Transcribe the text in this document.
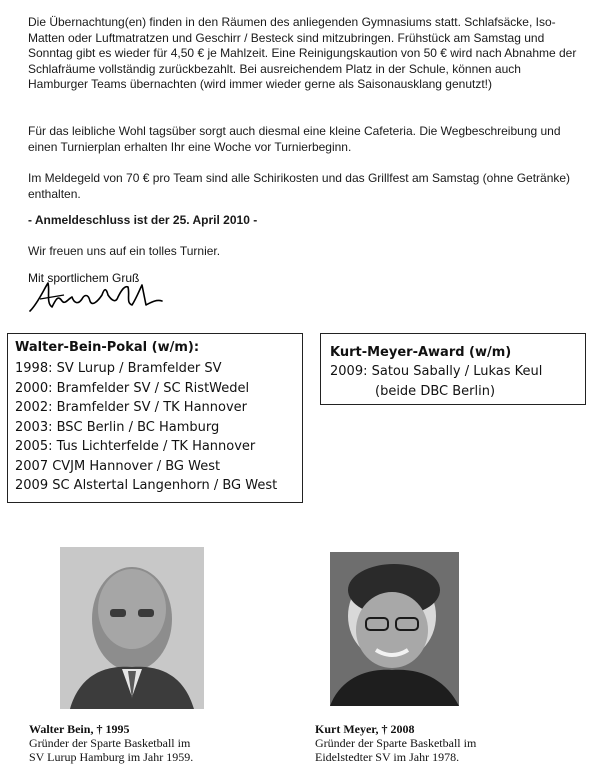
Die Übernachtung(en) finden in den Räumen des anliegenden Gymnasiums statt. Schlafsäcke, Iso-Matten oder Luftmatratzen und Geschirr / Besteck sind mitzubringen. Frühstück am Samstag und Sonntag gibt es wieder für 4,50 € je Mahlzeit. Eine Reinigungskaution von 50 € wird nach Abnahme der Schlafräume vollständig zurückbezahlt. Bei ausreichendem Platz in der Schule, können auch Hamburger Teams übernachten (wird immer wieder gerne als Saisonausklang genutzt!)

Für das leibliche Wohl tagsüber sorgt auch diesmal eine kleine Cafeteria. Die Wegbeschreibung und einen Turnierplan erhalten Ihr eine Woche vor Turnierbeginn.

Im Meldegeld von 70 € pro Team sind alle Schirikosten und das Grillfest am Samstag (ohne Getränke) enthalten.

- Anmeldeschluss ist der 25. April 2010 -

Wir freuen uns auf ein tolles Turnier.

Mit sportlichem Gruß
Walter-Bein-Pokal (w/m):
1998: SV Lurup / Bramfelder SV
2000: Bramfelder SV / SC RistWedel
2002: Bramfelder SV / TK Hannover
2003: BSC Berlin / BC Hamburg
2005: Tus Lichterfelde / TK Hannover
2007 CVJM Hannover / BG West
2009 SC Alstertal Langenhorn / BG West
Kurt-Meyer-Award (w/m)
2009: Satou Sabally / Lukas Keul
(beide DBC Berlin)
Walter Bein, † 1995
Gründer der Sparte Basketball im
SV Lurup Hamburg im Jahr 1959.
Kurt Meyer, † 2008
Gründer der Sparte Basketball im
Eidelstedter SV im Jahr 1978.
